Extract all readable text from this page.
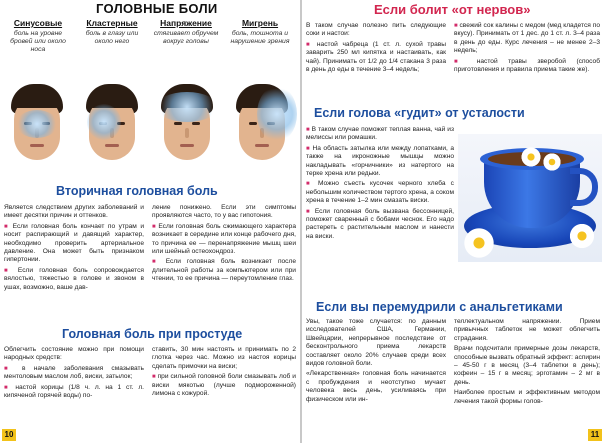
ГОЛОВНЫЕ БОЛИ
Синусовые
боль на уровне бровей или около носа
Кластерные
боль в глазу или около него
Напряжение
стягивает обручем вокруг головы
Мигрень
боль, тошнота и нарушение зрения
Вторичная головная боль

Является следствием других заболеваний и имеет десятки причин и оттенков.

■ Если головная боль кончает по утрам и носит распирающий и давящий характер, необходимо проверить артериальное давление. Она может быть признаком гипертонии.

■ Если головная боль сопровождается вялостью, тяжестью в голове и звоном в ушах, возможно, ваше дав-

ление понижено. Если эти симптомы проявляются часто, то у вас гипотония.

■ Если головная боль сжимающего характера возникает в середине или конце рабочего дня, то причина ее — перенапряжение мышц шеи или шейный остеохондроз.

■ Если головная боль возникает после длительной работы за компьютером или при чтении, то ее причина — переутомление глаз.

Головная боль при простуде

Облегчить состояние можно при помощи народных средств:

■ в начале заболевания смазывать ментоловым маслом лоб, виски, затылок;

■ настой корицы (1/8 ч. л. на 1 ст. л. кипяченой горячей воды) по-

ставить, 30 мин настоять и принимать по 2 глотка через час. Можно из настоя корицы сделать примочки на виски;

■ при сильной головной боли смазывать лоб и виски мякотью (лучше подмороженной) лимона с кожурой.

10
Если болит «от нервов»

В таком случае полезно пить следующие соки и настои:

■ настой чабреца (1 ст. л. сухой травы заварить 250 мл кипятка и настаивать, как чай). Принимать от 1/2 до 1/4 стакана 3 раза в день до еды в течение 3–4 недель;

■ свежий сок калины с медом (мед кладется по вкусу). Принимать от 1 дес. до 1 ст. л. 3–4 раза в день до еды. Курс лечения – не менее 2–3 недель;

■ настой травы зверобой (способ приготовления и правила приема такие же).

Если голова «гудит» от усталости

■ В таком случае поможет теплая ванна, чай из мелиссы или ромашки.

■ На область затылка или между лопатками, а также на икроножные мышцы можно накладывать «горчичники» из натертого на терке хрена или редьки.

■ Можно съесть кусочек черного хлеба с небольшим количеством тертого хрена, а соком хрена в течение 1–2 мин смазать виски.

■ Если головная боль вызвана бессонницей, поможет сваренный с бобами чеснок. Его надо растереть с растительным маслом и нанести на виски.

Если вы перемудрили с анальгетиками

Увы, такое тоже случается: по данным исследователей США, Германии, Швейцарии, непрерывное последствие от бесконтрольного приема лекарств составляет около 20% случаев среди всех видов головной боли.

«Лекарственная» головная боль начинается с пробуждения и неотступно мучает человека весь день, усиливаясь при физическом или ин-

теллектуальном напряжении. Прием привычных таблеток не может облегчить страдания.

Врачи подсчитали примерные дозы лекарств, способные вызвать обратный эффект: аспирин – 45-50 г в месяц (3–4 таблетки в день); кофеин – 15 г в месяц; эрготамин – 2 мг в день.

Наиболее простым и эффективным методом лечения такой формы голов-

11
